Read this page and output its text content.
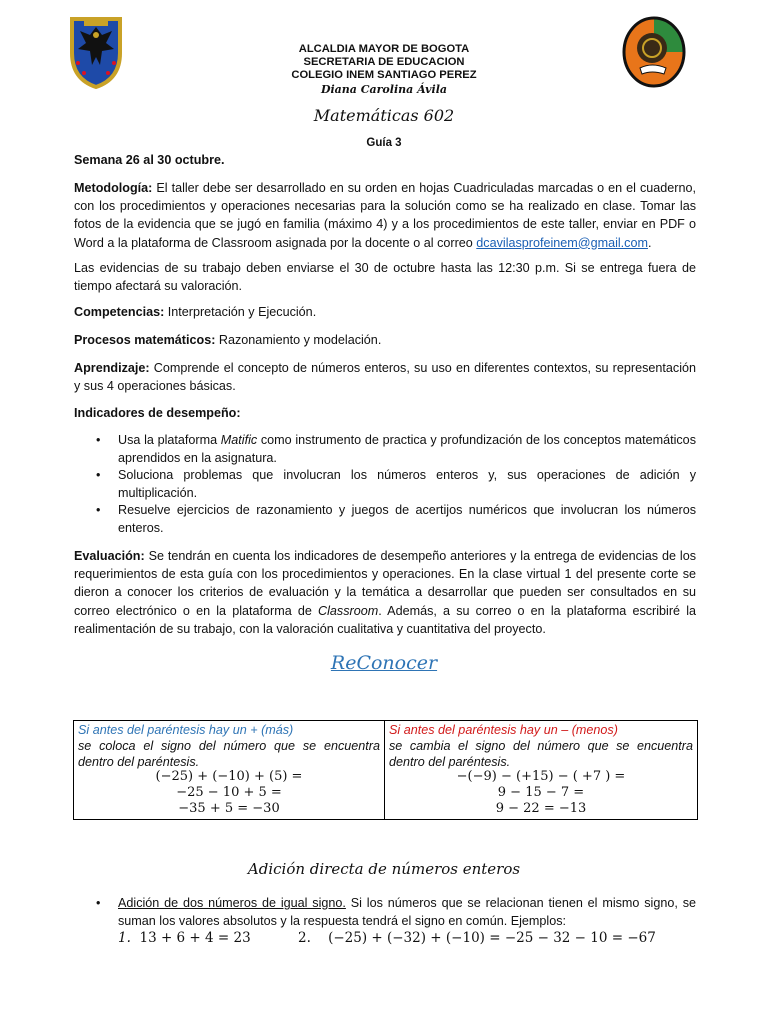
ALCALDIA MAYOR DE BOGOTA
SECRETARIA DE EDUCACION
COLEGIO INEM SANTIAGO PEREZ
Diana Carolina Ávila
Matemáticas 602
Guía 3
Semana 26 al 30 octubre.
Metodología: El taller debe ser desarrollado en su orden en hojas Cuadriculadas marcadas o en el cuaderno, con los procedimientos y operaciones necesarias para la solución como se ha realizado en clase. Tomar las fotos de la evidencia que se jugó en familia (máximo 4) y a los procedimientos de este taller, enviar en PDF o Word a la plataforma de Classroom asignada por la docente o al correo dcavilasprofeinem@gmail.com.
Las evidencias de su trabajo deben enviarse el 30 de octubre hasta las 12:30 p.m. Si se entrega fuera de tiempo afectará su valoración.
Competencias: Interpretación y Ejecución.
Procesos matemáticos: Razonamiento y modelación.
Aprendizaje: Comprende el concepto de números enteros, su uso en diferentes contextos, su representación y sus 4 operaciones básicas.
Indicadores de desempeño:
• Usa la plataforma Matific como instrumento de practica y profundización de los conceptos matemáticos aprendidos en la asignatura.
• Soluciona problemas que involucran los números enteros y, sus operaciones de adición y multiplicación.
• Resuelve ejercicios de razonamiento y juegos de acertijos numéricos que involucran los números enteros.
Evaluación: Se tendrán en cuenta los indicadores de desempeño anteriores y la entrega de evidencias de los requerimientos de esta guía con los procedimientos y operaciones. En la clase virtual 1 del presente corte se dieron a conocer los criterios de evaluación y la temática a desarrollar que pueden ser consultados en su correo electrónico o en la plataforma de Classroom. Además, a su correo o en la plataforma escribiré la realimentación de su trabajo, con la valoración cualitativa y cuantitativa del proyecto.
ReConocer
Si antes del paréntesis hay un + (más)
se coloca el signo del número que se encuentra dentro del paréntesis.
(−25) + (−10) + (5) =
−25 − 10 + 5 =
−35 + 5 = −30
Si antes del paréntesis hay un – (menos)
se cambia el signo del número que se encuentra dentro del paréntesis.
−(−9) − (+15) − ( +7 ) =
9 − 15 − 7 =
9 − 22 = −13
Adición directa de números enteros
•	Adición de dos números de igual signo. Si los números que se relacionan tienen el mismo signo, se suman los valores absolutos y la respuesta tendrá el signo en común. Ejemplos:
1. 13 + 6 + 4 = 23	2. (−25) + (−32) + (−10) = −25 − 32 − 10 = −67
